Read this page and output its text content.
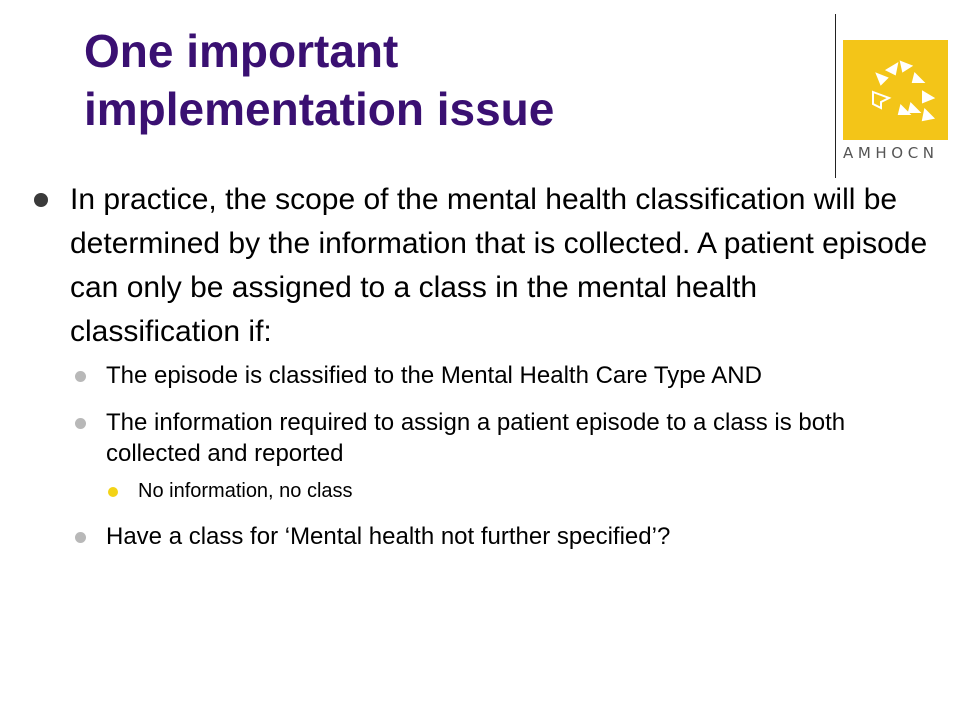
One important
implementation issue
AMHOCN
In practice, the scope of the mental health classification will be determined by the information that is collected. A patient episode can only be assigned to a class in the mental health classification if:
The episode is classified to the Mental Health Care Type AND
The information required to assign a patient episode to a class is both collected and reported
No information, no class
Have a class for ‘Mental health not further specified’?
